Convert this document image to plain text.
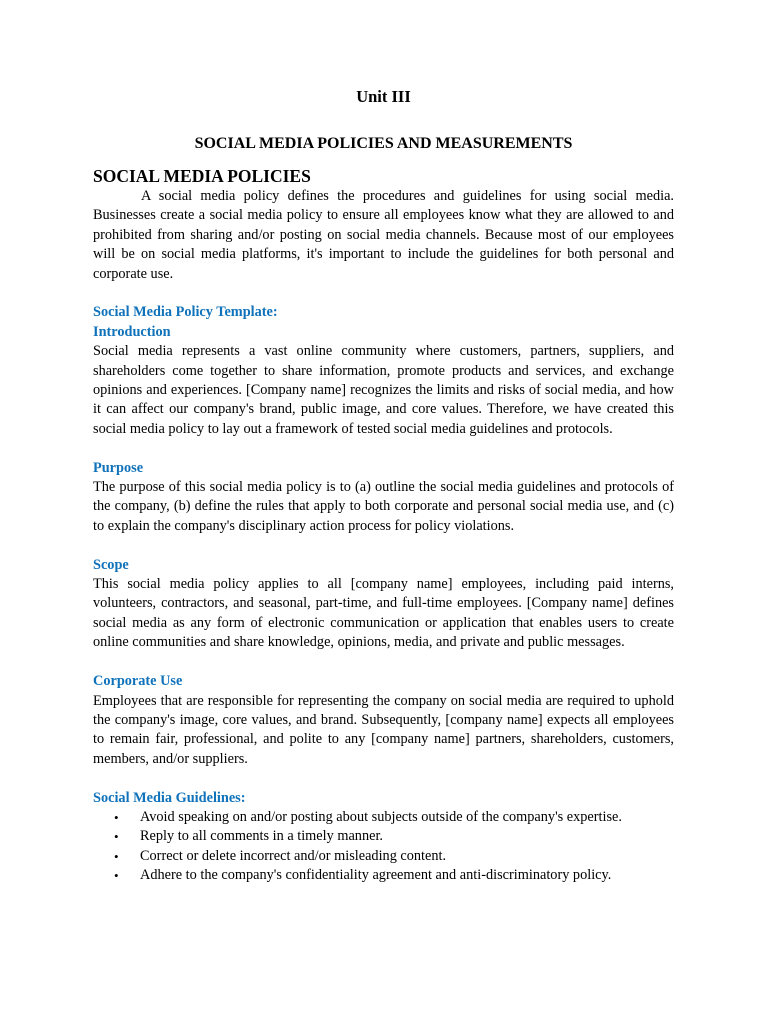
Unit III
SOCIAL MEDIA POLICIES AND MEASUREMENTS
SOCIAL MEDIA POLICIES

A social media policy defines the procedures and guidelines for using social media. Businesses create a social media policy to ensure all employees know what they are allowed to and prohibited from sharing and/or posting on social media channels. Because most of our employees will be on social media platforms, it's important to include the guidelines for both personal and corporate use.

Social Media Policy Template:
Introduction

Social media represents a vast online community where customers, partners, suppliers, and shareholders come together to share information, promote products and services, and exchange opinions and experiences. [Company name] recognizes the limits and risks of social media, and how it can affect our company's brand, public image, and core values. Therefore, we have created this social media policy to lay out a framework of tested social media guidelines and protocols.

Purpose

The purpose of this social media policy is to (a) outline the social media guidelines and protocols of the company, (b) define the rules that apply to both corporate and personal social media use, and (c) to explain the company's disciplinary action process for policy violations.

Scope

This social media policy applies to all [company name] employees, including paid interns, volunteers, contractors, and seasonal, part-time, and full-time employees. [Company name] defines social media as any form of electronic communication or application that enables users to create online communities and share knowledge, opinions, media, and private and public messages.

Corporate Use

Employees that are responsible for representing the company on social media are required to uphold the company's image, core values, and brand. Subsequently, [company name] expects all employees to remain fair, professional, and polite to any [company name] partners, shareholders, customers, members, and/or suppliers.

Social Media Guidelines:
• Avoid speaking on and/or posting about subjects outside of the company's expertise.
• Reply to all comments in a timely manner.
• Correct or delete incorrect and/or misleading content.
• Adhere to the company's confidentiality agreement and anti-discriminatory policy.
